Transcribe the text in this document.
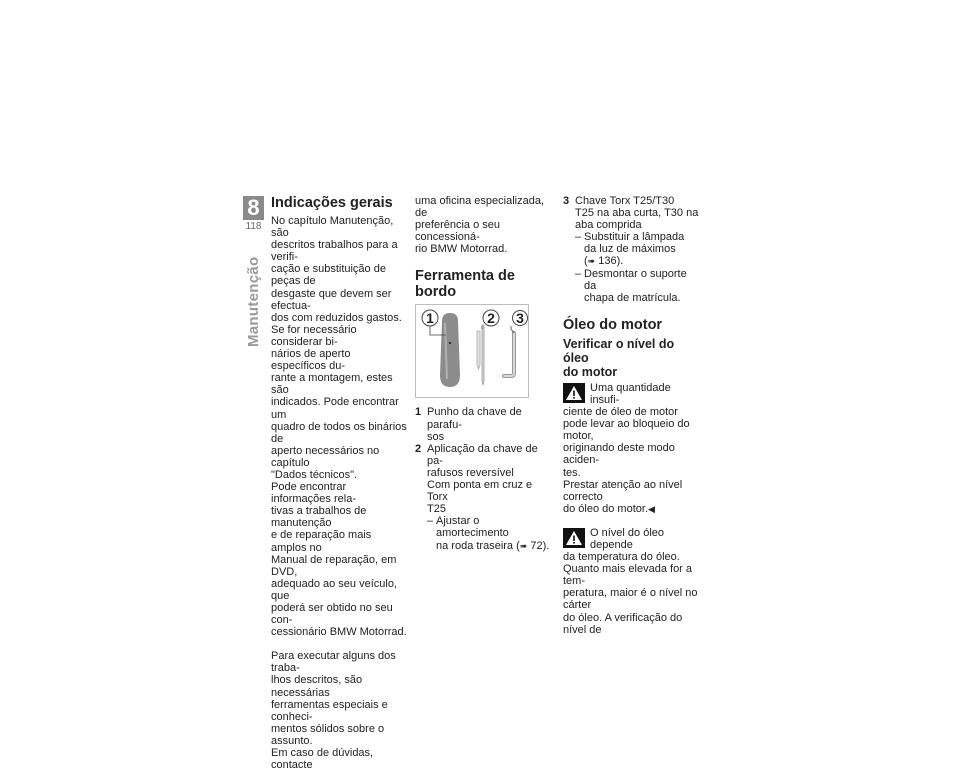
8
118
Manutenção
Indicações gerais

No capítulo Manutenção, são
descritos trabalhos para a verifi-
cação e substituição de peças de
desgaste que devem ser efectua-
dos com reduzidos gastos.
Se for necessário considerar bi-
nários de aperto específicos du-
rante a montagem, estes são
indicados. Pode encontrar um
quadro de todos os binários de
aperto necessários no capítulo
"Dados técnicos".
Pode encontrar informações rela-
tivas a trabalhos de manutenção
e de reparação mais amplos no
Manual de reparação, em DVD,
adequado ao seu veículo, que
poderá ser obtido no seu con-
cessionário BMW Motorrad.

Para executar alguns dos traba-
lhos descritos, são necessárias
ferramentas especiais e conheci-
mentos sólidos sobre o assunto.
Em caso de dúvidas, contacte

uma oficina especializada, de
preferência o seu concessioná-
rio BMW Motorrad.

Ferramenta de bordo
1	2 3
1 Punho da chave de parafu-
sos
2 Aplicação da chave de pa-
rafusos reversível
Com ponta em cruz e Torx
T25
– Ajustar o amortecimento
na roda traseira (➠ 72).
3 Chave Torx T25/T30
T25 na aba curta, T30 na
aba comprida
– Substituir a lâmpada
da luz de máximos
(➠ 136).
– Desmontar o suporte da
chapa de matrícula.
Óleo do motor
Verificar o nível do óleo
do motor

Uma quantidade insufi-
ciente de óleo de motor
pode levar ao bloqueio do motor,
originando deste modo aciden-
tes.
Prestar atenção ao nível correcto
do óleo do motor.◀

O nível do óleo depende
da temperatura do óleo.
Quanto mais elevada for a tem-
peratura, maior é o nível no cárter
do óleo. A verificação do nível de
